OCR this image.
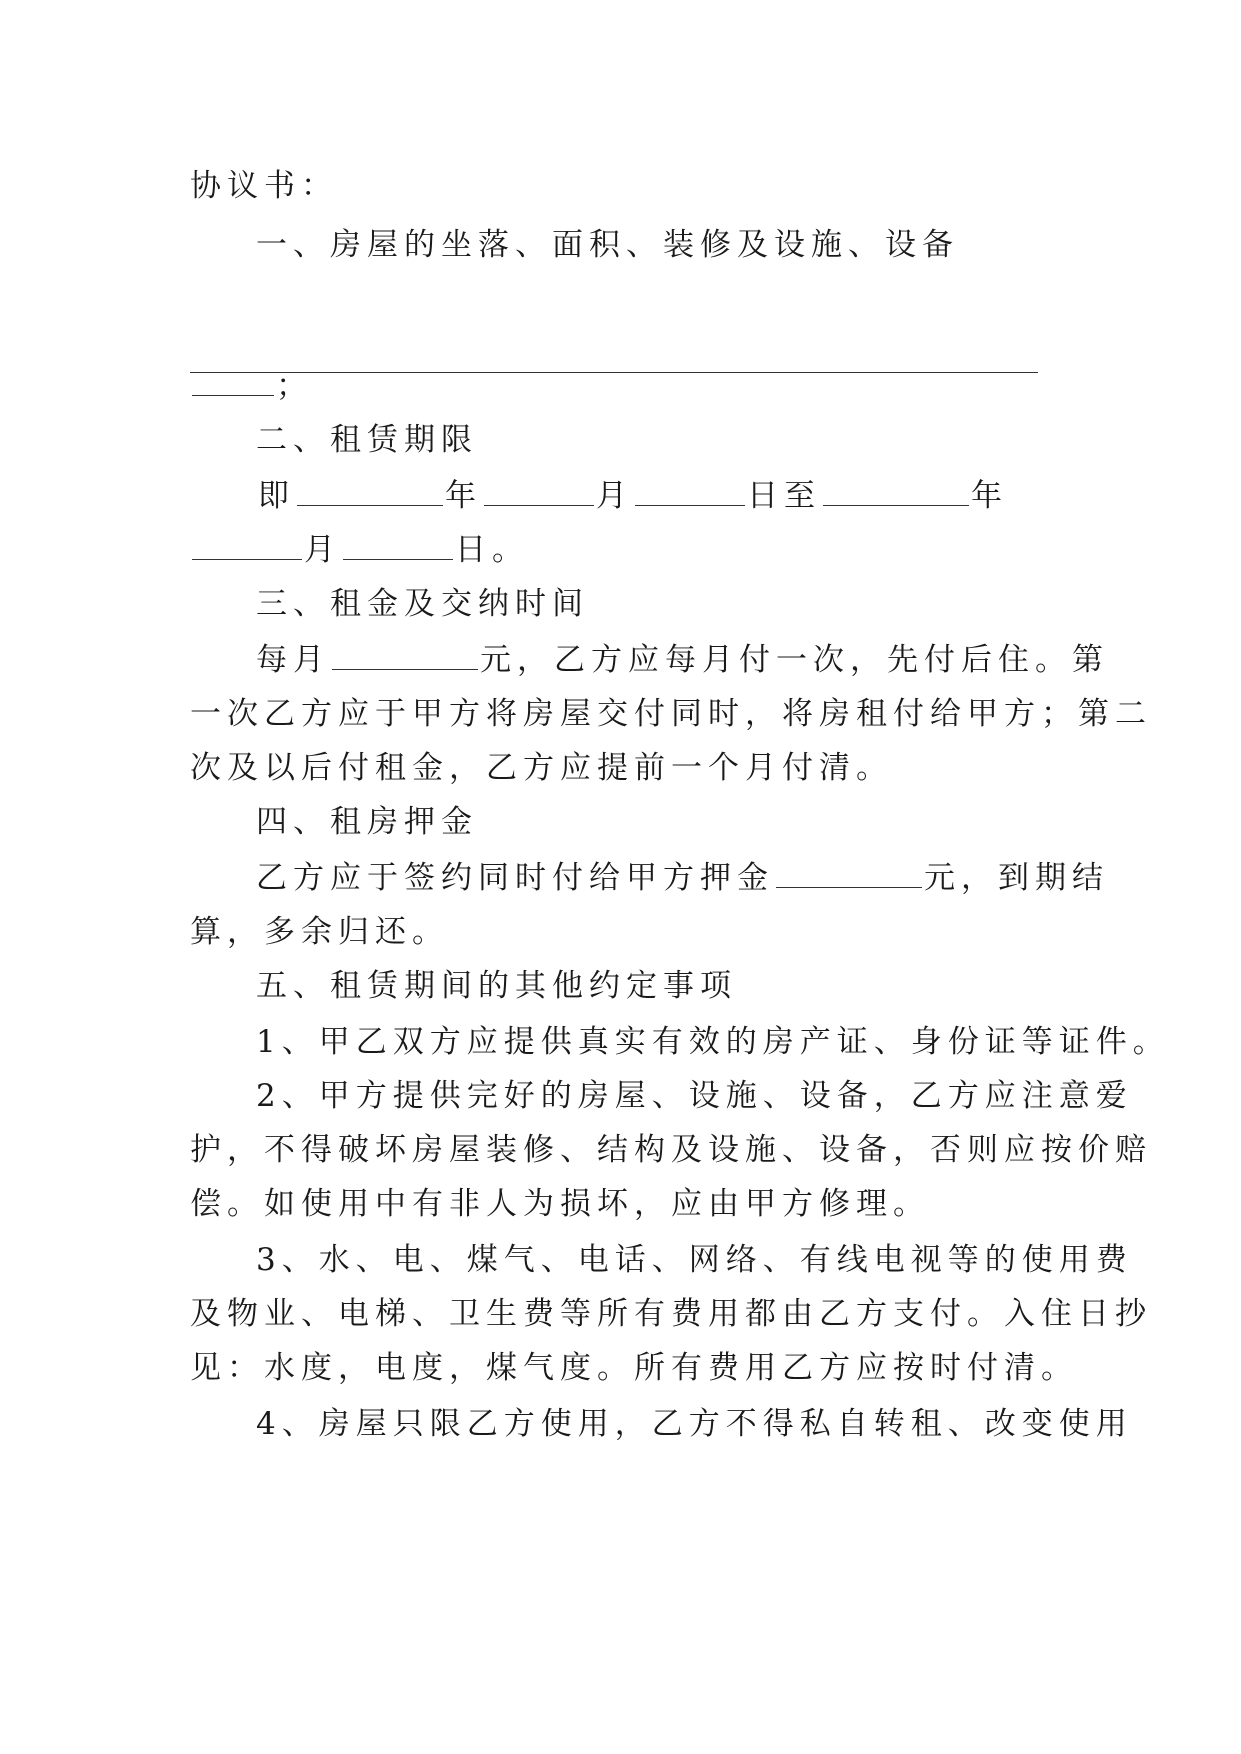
协议书：
一、房屋的坐落、面积、装修及设施、设备
；
二、租赁期限
即	年	月	日至	年
月	日。
三、租金及交纳时间
每月	元，乙方应每月付一次，先付后住。第
一次乙方应于甲方将房屋交付同时，将房租付给甲方；第二
次及以后付租金，乙方应提前一个月付清。
四、租房押金
乙方应于签约同时付给甲方押金	元，到期结
算，多余归还。
五、租赁期间的其他约定事项
1、甲乙双方应提供真实有效的房产证、身份证等证件。
2、甲方提供完好的房屋、设施、设备，乙方应注意爱
护，不得破坏房屋装修、结构及设施、设备，否则应按价赔
偿。如使用中有非人为损坏，应由甲方修理。
3、水、电、煤气、电话、网络、有线电视等的使用费
及物业、电梯、卫生费等所有费用都由乙方支付。入住日抄
见：水度，电度，煤气度。所有费用乙方应按时付清。
4、房屋只限乙方使用，乙方不得私自转租、改变使用
